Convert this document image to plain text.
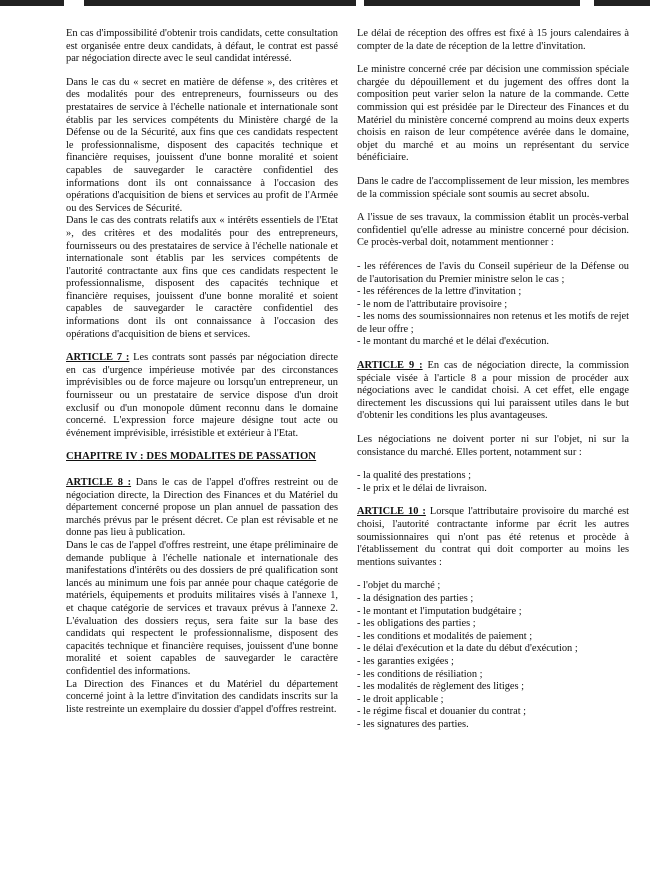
En cas d'impossibilité d'obtenir trois candidats, cette consultation est organisée entre deux candidats, à défaut, le contrat est passé par négociation directe avec le seul candidat intéressé.

Dans le cas du « secret en matière de défense », des critères et des modalités pour des entrepreneurs, fournisseurs ou des prestataires de service à l'échelle nationale et internationale sont établis par les services compétents du Ministère chargé de la Défense ou de la Sécurité, aux fins que ces candidats respectent le professionnalisme, disposent des capacités technique et financière requises, jouissent d'une bonne moralité et soient capables de sauvegarder le caractère confidentiel des informations dont ils ont connaissance à l'occasion des opérations d'acquisition de biens et services au profit de l'Armée ou des Services de Sécurité.

Dans le cas des contrats relatifs aux « intérêts essentiels de l'Etat », des critères et des modalités pour des entrepreneurs, fournisseurs ou des prestataires de service à l'échelle nationale et internationale sont établis par les services compétents de l'autorité contractante aux fins que ces candidats respectent le professionnalisme, disposent des capacités technique et financière requises, jouissent d'une bonne moralité et soient capables de sauvegarder le caractère confidentiel des informations dont ils ont connaissance à l'occasion des opérations d'acquisition de biens et services.

ARTICLE 7 : Les contrats sont passés par négociation directe en cas d'urgence impérieuse motivée par des circonstances imprévisibles ou de force majeure ou lorsqu'un entrepreneur, un fournisseur ou un prestataire de service dispose d'un droit exclusif ou d'un monopole dûment reconnu dans le domaine concerné. L'expression force majeure désigne tout acte ou événement imprévisible, irrésistible et extérieur à l'Etat.

CHAPITRE IV : DES MODALITES DE PASSATION

ARTICLE 8 : Dans le cas de l'appel d'offres restreint ou de négociation directe, la Direction des Finances et du Matériel du département concerné propose un plan annuel de passation des marchés prévus par le présent décret. Ce plan est révisable et ne donne pas lieu à publication.

Dans le cas de l'appel d'offres restreint, une étape préliminaire de demande publique à l'échelle nationale et internationale des manifestations d'intérêts ou des dossiers de pré qualification sont lancés au minimum une fois par année pour chaque catégorie de matériels, équipements et produits militaires visés à l'annexe 1, et chaque catégorie de services et travaux prévus à l'annexe 2. L'évaluation des dossiers reçus, sera faite sur la base des candidats qui respectent le professionnalisme, disposent des capacités technique et financière requises, jouissent d'une bonne moralité et soient capables de sauvegarder le caractère confidentiel des informations.

La Direction des Finances et du Matériel du département concerné joint à la lettre d'invitation des candidats inscrits sur la liste restreinte un exemplaire du dossier d'appel d'offres restreint.

Le délai de réception des offres est fixé à 15 jours calendaires à compter de la date de réception de la lettre d'invitation.

Le ministre concerné crée par décision une commission spéciale chargée du dépouillement et du jugement des offres dont la composition peut varier selon la nature de la commande. Cette commission qui est présidée par le Directeur des Finances et du Matériel du ministère concerné comprend au moins deux experts choisis en raison de leur compétence avérée dans le domaine, objet du marché et au moins un représentant du service bénéficiaire.

Dans le cadre de l'accomplissement de leur mission, les membres de la commission spéciale sont soumis au secret absolu.

A l'issue de ses travaux, la commission établit un procès-verbal confidentiel qu'elle adresse au ministre concerné pour décision. Ce procès-verbal doit, notamment mentionner :

- les références de l'avis du Conseil supérieur de la Défense ou de l'autorisation du Premier ministre selon le cas ;
- les références de la lettre d'invitation ;
- le nom de l'attributaire provisoire ;
- les noms des soumissionnaires non retenus et les motifs de rejet de leur offre ;
- le montant du marché et le délai d'exécution.

ARTICLE 9 : En cas de négociation directe, la commission spéciale visée à l'article 8 a pour mission de procéder aux négociations avec le candidat choisi. A cet effet, elle engage directement les discussions qui lui paraissent utiles dans le but d'obtenir les conditions les plus avantageuses.

Les négociations ne doivent porter ni sur l'objet, ni sur la consistance du marché. Elles portent, notamment sur :

- la qualité des prestations ;
- le prix et le délai de livraison.

ARTICLE 10 : Lorsque l'attributaire provisoire du marché est choisi, l'autorité contractante informe par écrit les autres soumissionnaires qui n'ont pas été retenus et procède à l'établissement du contrat qui doit comporter au moins les mentions suivantes :

- l'objet du marché ;
- la désignation des parties ;
- le montant et l'imputation budgétaire ;
- les obligations des parties ;
- les conditions et modalités de paiement ;
- le délai d'exécution et la date du début d'exécution ;
- les garanties exigées ;
- les conditions de résiliation ;
- les modalités de règlement des litiges ;
- le droit applicable ;
- le régime fiscal et douanier du contrat ;
- les signatures des parties.
